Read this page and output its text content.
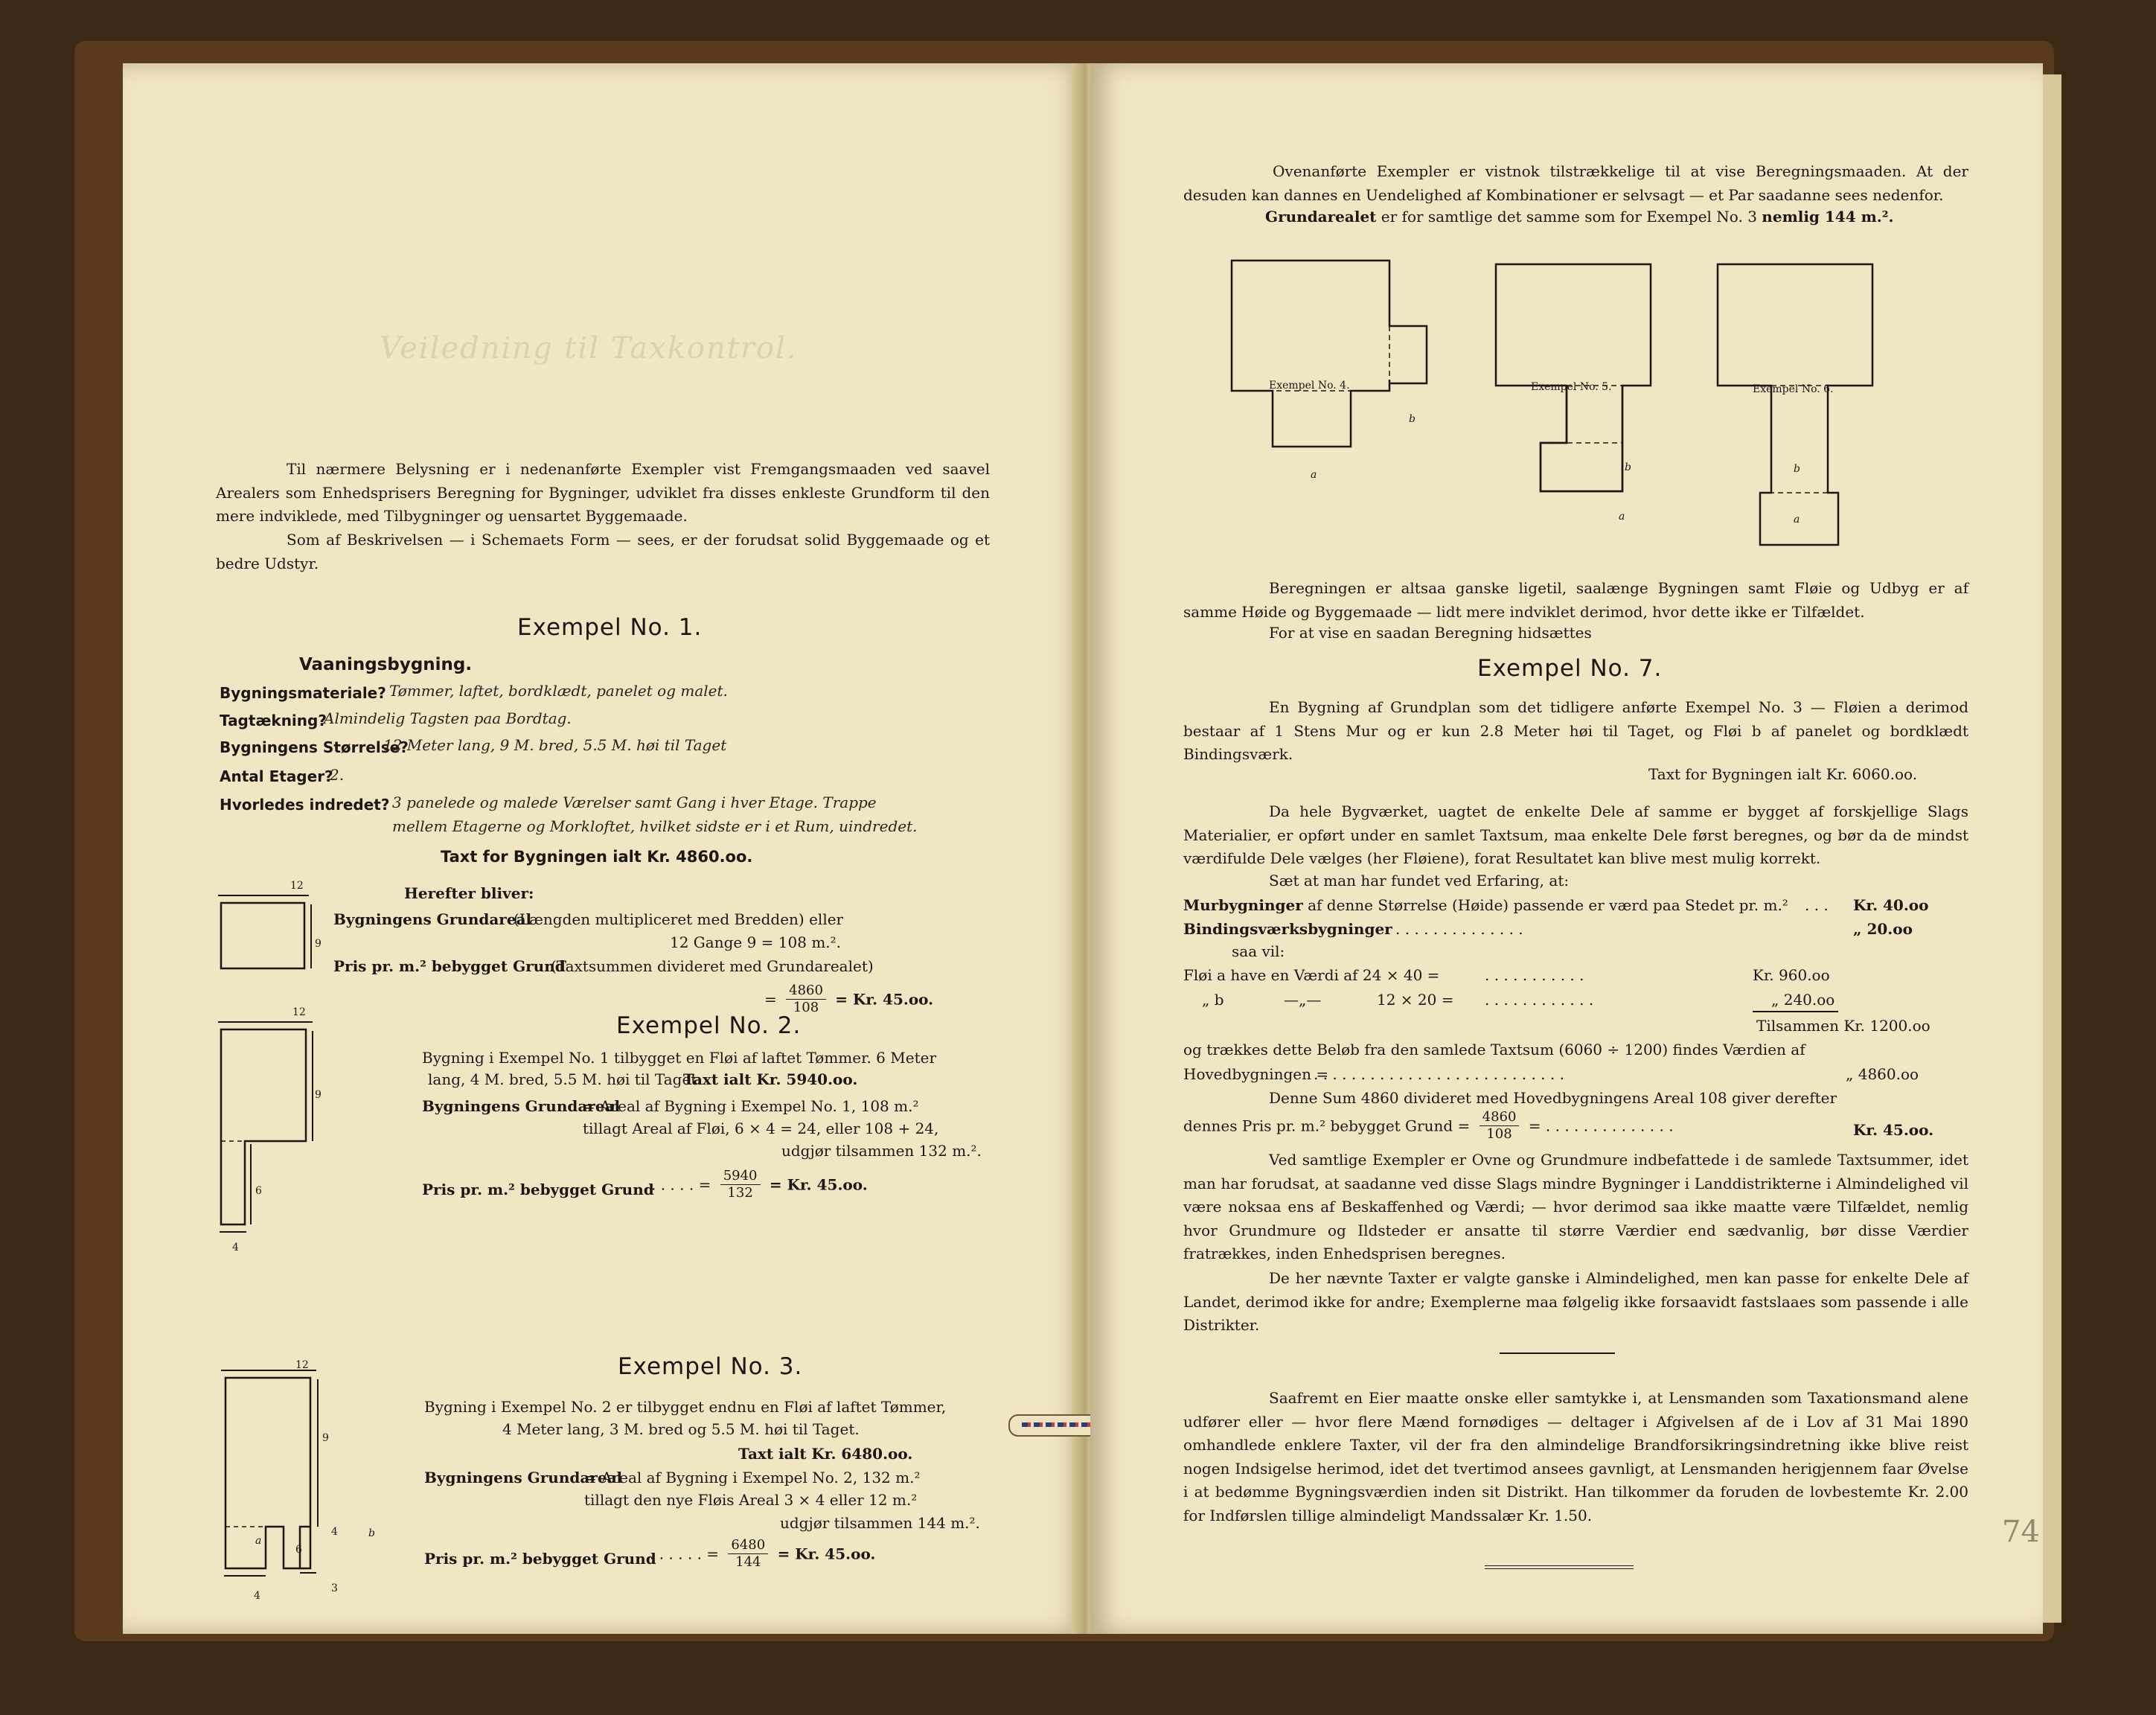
Veiledning til Taxkontrol.
Til nærmere Belysning er i nedenanførte Exempler vist Fremgangsmaaden ved saavel Arealers som Enhedsprisers Beregning for Bygninger, udviklet fra disses enkleste Grundform til den mere indviklede, med Tilbygninger og uensartet Byggemaade.
Som af Beskrivelsen — i Schemaets Form — sees, er der forudsat solid Byggemaade og et bedre Udstyr.
Exempel No. 1.
Vaaningsbygning.
Bygningsmateriale? Tømmer, laftet, bordklædt, panelet og malet.
Tagtækning?
Almindelig Tagsten paa Bordtag.
Bygningens Størrelse?
12 Meter lang, 9 M. bred, 5.5 M. høi til Taget
Antal Etager?
2.
Hvorledes indredet? 3 panelede og malede Værelser samt Gang i hver Etage. Trappe
mellem Etagerne og Morkloftet, hvilket sidste er i et Rum, uindredet.
Taxt for Bygningen ialt Kr. 4860.oo.
12
9
Herefter bliver:
Bygningens Grundareal
(Længden multipliceret med Bredden) eller
12 Gange 9 = 108 m.².
Pris pr. m.² bebygget Grund
(Taxtsummen divideret med Grundarealet)
= $\frac{4860}{108} = Kr$. 45.oo.
Exempel No. 2.
12
9
6
4
Bygning i Exempel No. 1 tilbygget en Fløi af laftet Tømmer. 6 Meter
lang, 4 M. bred, 5.5 M. høi til Taget.
Taxt ialt Kr. 5940.oo.
Bygningens Grundareal
= Areal af Bygning i Exempel No. 1, 108 m.²
tillagt Areal af Fløi, 6 × 4 = 24, eller 108 + 24,
udgjør tilsammen 132 m.².
Pris pr. m.² bebygget Grund
. . . . . = $\frac{5940}{132} = Kr$. 45.oo.
Exempel No. 3.
12
9
a
6
4	b
4
3
Bygning i Exempel No. 2 er tilbygget endnu en Fløi af laftet Tømmer,
4 Meter lang, 3 M. bred og 5.5 M. høi til Taget.
Taxt ialt Kr. 6480.oo.
Bygningens Grundareal
= Areal af Bygning i Exempel No. 2, 132 m.²
tillagt den nye Fløis Areal 3 × 4 eller 12 m.²
udgjør tilsammen 144 m.².
Pris pr. m.² bebygget Grund
. . . . . . = $\frac{6480}{144} = Kr$. 45.oo.
Ovenanførte Exempler er vistnok tilstrækkelige til at vise Beregningsmaaden. At der desuden kan dannes en Uendelighed af Kombinationer er selvsagt — et Par saadanne sees nedenfor.
Grundarealet er for samtlige det samme som for Exempel No. 3 nemlig 144 m.².
Exempel No. 4.
b
a
Exempel No. 5.
b
a
Exempel No. 6.
b
a
Beregningen er altsaa ganske ligetil, saalænge Bygningen samt Fløie og Udbyg er af samme Høide og Byggemaade — lidt mere indviklet derimod, hvor dette ikke er Tilfældet.
For at vise en saadan Beregning hidsættes
Exempel No. 7.
En Bygning af Grundplan som det tidligere anførte Exempel No. 3 — Fløien a derimod bestaar af 1 Stens Mur og er kun 2.8 Meter høi til Taget, og Fløi b af panelet og bordklædt Bindingsværk.
Taxt for Bygningen ialt Kr. 6060.oo.
Da hele Bygværket, uagtet de enkelte Dele af samme er bygget af forskjellige Slags Materialier, er opført under en samlet Taxtsum, maa enkelte Dele først beregnes, og bør da de mindst værdifulde Dele vælges (her Fløiene), forat Resultatet kan blive mest mulig korrekt.
Sæt at man har fundet ved Erfaring, at:
Murbygninger af denne Størrelse (Høide) passende er værd paa Stedet pr. m.² . . . Kr. 40.oo
Bindingsværksbygninger . . . . . . . . . . . . . .	„ 20.oo
saa vil:
Fløi a have en Værdi af 24 × 40 =	. . . . . . . . . . .	Kr. 960.oo
„ b	—„—	12 × 20 = . . . . . . . . . . . .	„ 240.oo
Tilsammen Kr. 1200.oo
og trækkes dette Beløb fra den samlede Taxtsum (6060 ÷ 1200) findes Værdien af
Hovedbygningen =
. . . . . . . . . . . . . . . . . . . . . . . . . . .	„ 4860.oo
Denne Sum 4860 divideret med Hovedbygningens Areal 108 giver derefter
dennes Pris pr. m.² bebygget Grund = $\frac{4860}{108}$ = . . . . . . . . . . . . . .	Kr. 45.oo.
Ved samtlige Exempler er Ovne og Grundmure indbefattede i de samlede Taxtsummer, idet man har forudsat, at saadanne ved disse Slags mindre Bygninger i Landdistrikterne i Almindelighed vil være noksaa ens af Beskaffenhed og Værdi; — hvor derimod saa ikke maatte være Tilfældet, nemlig hvor Grundmure og Ildsteder er ansatte til større Værdier end sædvanlig, bør disse Værdier fratrækkes, inden Enhedsprisen beregnes.
De her nævnte Taxter er valgte ganske i Almindelighed, men kan passe for enkelte Dele af Landet, derimod ikke for andre; Exemplerne maa følgelig ikke forsaavidt fastslaaes som passende i alle Distrikter.
Saafremt en Eier maatte onske eller samtykke i, at Lensmanden som Taxationsmand alene udfører eller — hvor flere Mænd fornødiges — deltager i Afgivelsen af de i Lov af 31 Mai 1890 omhandlede enklere Taxter, vil der fra den almindelige Brandforsikringsindretning ikke blive reist nogen Indsigelse herimod, idet det tvertimod ansees gavnligt, at Lensmanden herigjennem faar Øvelse i at bedømme Bygningsværdien inden sit Distrikt. Han tilkommer da foruden de lovbestemte Kr. 2.00 for Indførslen tillige almindeligt Mandssalær Kr. 1.50.	74
